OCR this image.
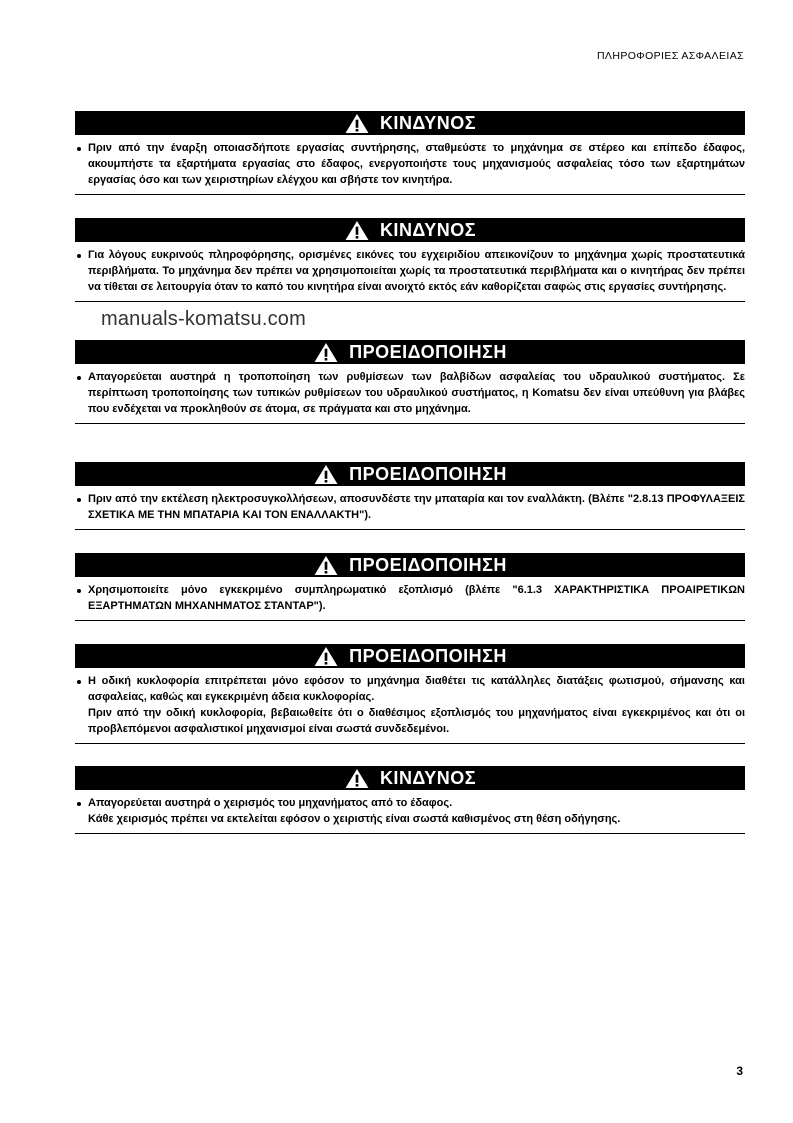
ΠΛΗΡΟΦΟΡΙΕΣ ΑΣΦΑΛΕΙΑΣ
ΚΙΝΔΥΝΟΣ

Πριν από την έναρξη οποιασδήποτε εργασίας συντήρησης, σταθμεύστε το μηχάνημα σε στέρεο και επίπεδο έδαφος, ακουμπήστε τα εξαρτήματα εργασίας στο έδαφος, ενεργοποιήστε τους μηχανισμούς ασφαλείας τόσο των εξαρτημάτων εργασίας όσο και των χειριστηρίων ελέγχου και σβήστε τον κινητήρα.

ΚΙΝΔΥΝΟΣ

Για λόγους ευκρινούς πληροφόρησης, ορισμένες εικόνες του εγχειριδίου απεικονίζουν το μηχάνημα χωρίς προστατευτικά περιβλήματα. Το μηχάνημα δεν πρέπει να χρησιμοποιείται χωρίς τα προστατευτικά περιβλήματα και ο κινητήρας δεν πρέπει να τίθεται σε λειτουργία όταν το καπό του κινητήρα είναι ανοιχτό εκτός εάν καθορίζεται σαφώς στις εργασίες συντήρησης.

manuals-komatsu.com
ΠΡΟΕΙΔΟΠΟΙΗΣΗ

Απαγορεύεται αυστηρά η τροποποίηση των ρυθμίσεων των βαλβίδων ασφαλείας του υδραυλικού συστήματος. Σε περίπτωση τροποποίησης των τυπικών ρυθμίσεων του υδραυλικού συστήματος, η Komatsu δεν είναι υπεύθυνη για βλάβες που ενδέχεται να προκληθούν σε άτομα, σε πράγματα και στο μηχάνημα.

ΠΡΟΕΙΔΟΠΟΙΗΣΗ

Πριν από την εκτέλεση ηλεκτροσυγκολλήσεων, αποσυνδέστε την μπαταρία και τον εναλλάκτη. (Βλέπε "2.8.13 ΠΡΟΦΥΛΑΞΕΙΣ ΣΧΕΤΙΚΑ ΜΕ ΤΗΝ ΜΠΑΤΑΡΙΑ ΚΑΙ ΤΟΝ ΕΝΑΛΛΑΚΤΗ").

ΠΡΟΕΙΔΟΠΟΙΗΣΗ

Χρησιμοποιείτε μόνο εγκεκριμένο συμπληρωματικό εξοπλισμό (βλέπε "6.1.3 ΧΑΡΑΚΤΗΡΙΣΤΙΚΑ ΠΡΟΑΙΡΕΤΙΚΩΝ ΕΞΑΡΤΗΜΑΤΩΝ ΜΗΧΑΝΗΜΑΤΟΣ ΣΤΑΝΤΑΡ").

ΠΡΟΕΙΔΟΠΟΙΗΣΗ

Η οδική κυκλοφορία επιτρέπεται μόνο εφόσον το μηχάνημα διαθέτει τις κατάλληλες διατάξεις φωτισμού, σήμανσης και ασφαλείας, καθώς και εγκεκριμένη άδεια κυκλοφορίας.

Πριν από την οδική κυκλοφορία, βεβαιωθείτε ότι ο διαθέσιμος εξοπλισμός του μηχανήματος είναι εγκεκριμένος και ότι οι προβλεπόμενοι ασφαλιστικοί μηχανισμοί είναι σωστά συνδεδεμένοι.

ΚΙΝΔΥΝΟΣ

Απαγορεύεται αυστηρά ο χειρισμός του μηχανήματος από το έδαφος.

Κάθε χειρισμός πρέπει να εκτελείται εφόσον ο χειριστής είναι σωστά καθισμένος στη θέση οδήγησης.

3
